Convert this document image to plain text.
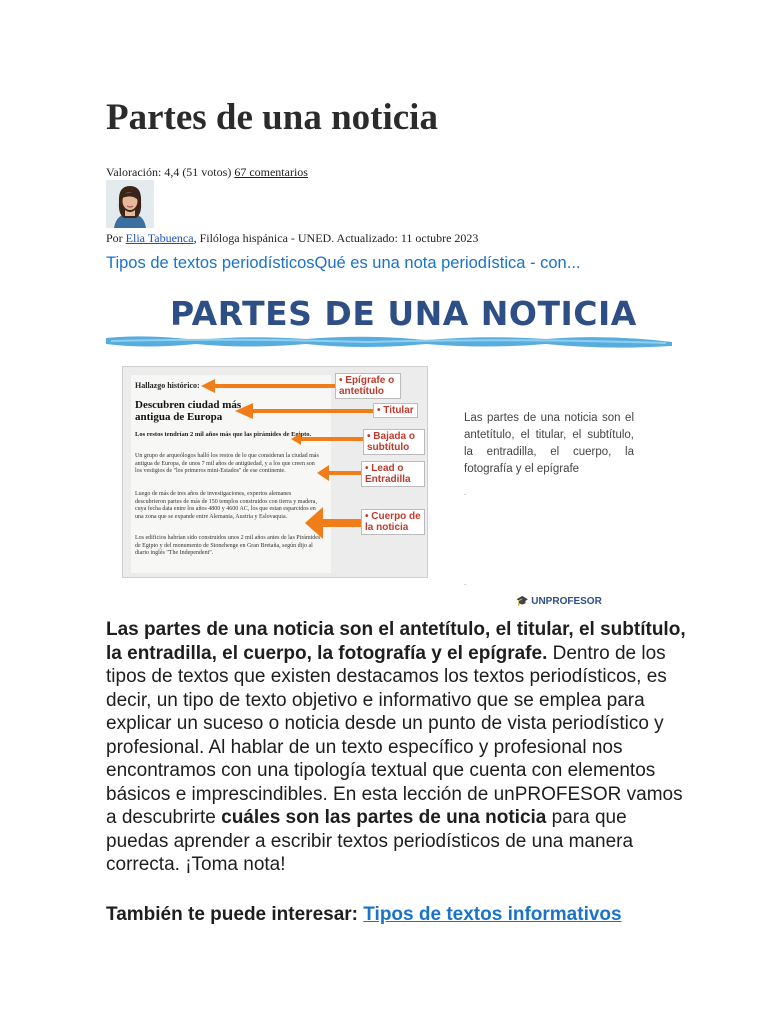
Partes de una noticia
Valoración: 4,4 (51 votos) 67 comentarios
Por Elia Tabuenca, Filóloga hispánica - UNED. Actualizado: 11 octubre 2023
Tipos de textos periodísticosQué es una nota periodística - con...
PARTES DE UNA NOTICIA
Hallazgo histórico:
Descubren ciudad más antigua de Europa
Los restos tendrían 2 mil años más que las pirámides de Egipto.
Un grupo de arqueólogos halló los restos de lo que consideran la ciudad más antigua de Europa, de unos 7 mil años de antigüedad, y a los que creen son los vestigios de "los primeros mini-Estados" de ese continente.
Luego de más de tres años de investigaciones, expertos alemanes descubrieron partes de más de 150 templos construidos con tierra y madera, cuya fecha data entre los años 4800 y 4600 AC, los que estan esparcidos en una zona que se expande entre Alemania, Austria y Eslovaquia.
Los edificios habrían sido construidos unos 2 mil años antes de las Pirámides de Egipto y del monumento de Stonehenge en Gran Bretaña, según dijo al diario inglés "The Independent".
• Epígrafe o antetítulo
• Titular
• Bajada o subtítulo
• Lead o Entradilla
• Cuerpo de la noticia
Las partes de una noticia son el antetítulo, el titular, el subtítulo, la entradilla, el cuerpo, la fotografía y el epígrafe
.
.
🎓 UNPROFESOR
Las partes de una noticia son el antetítulo, el titular, el subtítulo, la entradilla, el cuerpo, la fotografía y el epígrafe. Dentro de los tipos de textos que existen destacamos los textos periodísticos, es decir, un tipo de texto objetivo e informativo que se emplea para explicar un suceso o noticia desde un punto de vista periodístico y profesional. Al hablar de un texto específico y profesional nos encontramos con una tipología textual que cuenta con elementos básicos e imprescindibles. En esta lección de unPROFESOR vamos a descubrirte cuáles son las partes de una noticia para que puedas aprender a escribir textos periodísticos de una manera correcta. ¡Toma nota!
También te puede interesar: Tipos de textos informativos
